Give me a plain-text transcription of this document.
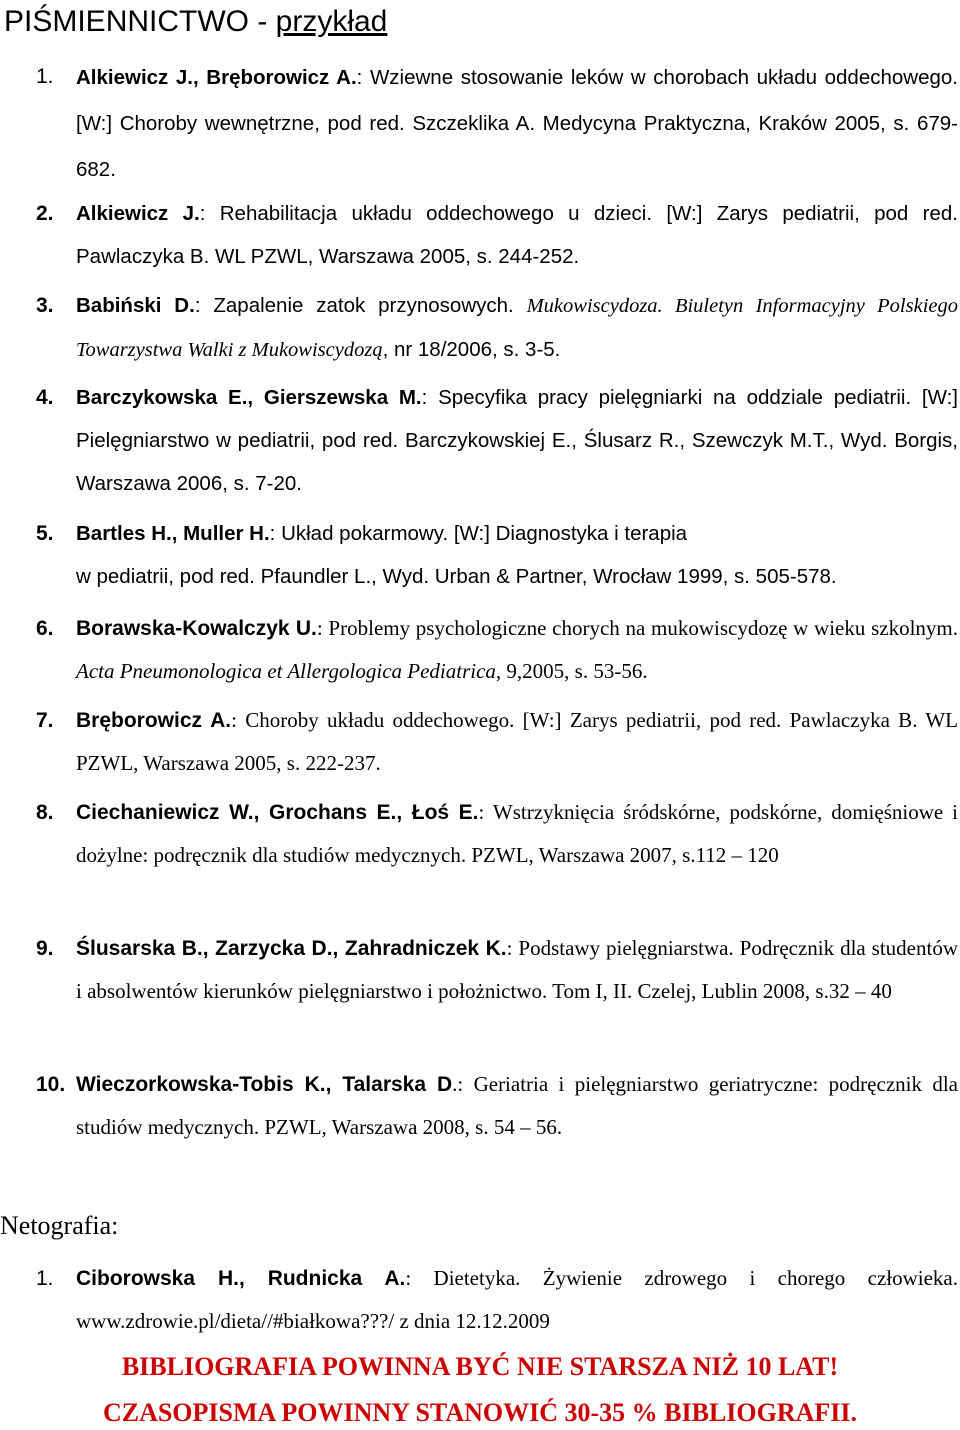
PIŚMIENNICTWO - przykład
1.	Alkiewicz J., Bręborowicz A.: Wziewne stosowanie leków w chorobach układu oddechowego. [W:] Choroby wewnętrzne, pod red. Szczeklika A. Medycyna Praktyczna, Kraków 2005, s. 679-682.
2.	Alkiewicz J.: Rehabilitacja układu oddechowego u dzieci. [W:] Zarys pediatrii, pod red. Pawlaczyka B. WL PZWL, Warszawa 2005, s. 244-252.
3.	Babiński D.: Zapalenie zatok przynosowych. Mukowiscydoza. Biuletyn Informacyjny Polskiego Towarzystwa Walki z Mukowiscydozą, nr 18/2006, s. 3-5.
4.	Barczykowska E., Gierszewska M.: Specyfika pracy pielęgniarki na oddziale pediatrii. [W:] Pielęgniarstwo w pediatrii, pod red. Barczykowskiej E., Ślusarz R., Szewczyk M.T., Wyd. Borgis, Warszawa 2006, s. 7-20.
5.	Bartles H., Muller H.: Układ pokarmowy. [W:] Diagnostyka i terapia
w pediatrii, pod red. Pfaundler L., Wyd. Urban & Partner, Wrocław 1999, s. 505-578.
6.	Borawska-Kowalczyk U.: Problemy psychologiczne chorych na mukowiscydozę w wieku szkolnym. Acta Pneumonologica et Allergologica Pediatrica, 9,2005, s. 53-56.
7.	Bręborowicz A.: Choroby układu oddechowego. [W:] Zarys pediatrii, pod red. Pawlaczyka B. WL PZWL, Warszawa 2005, s. 222-237.
8.	Ciechaniewicz W., Grochans E., Łoś E.: Wstrzyknięcia śródskórne, podskórne, domięśniowe i dożylne: podręcznik dla studiów medycznych. PZWL, Warszawa 2007, s.112 – 120
9.	Ślusarska B., Zarzycka D., Zahradniczek K.: Podstawy pielęgniarstwa. Podręcznik dla studentów i absolwentów kierunków pielęgniarstwo i położnictwo. Tom I, II. Czelej, Lublin 2008, s.32 – 40
10. Wieczorkowska-Tobis K., Talarska D.: Geriatria i pielęgniarstwo geriatryczne: podręcznik dla studiów medycznych. PZWL, Warszawa 2008, s. 54 – 56.
Netografia:
1.	Ciborowska H., Rudnicka A.: Dietetyka. Żywienie zdrowego i chorego człowieka. www.zdrowie.pl/dieta//#białkowa???/ z dnia 12.12.2009
BIBLIOGRAFIA POWINNA BYĆ NIE STARSZA NIŻ 10 LAT!
CZASOPISMA POWINNY STANOWIĆ 30-35 % BIBLIOGRAFII.
